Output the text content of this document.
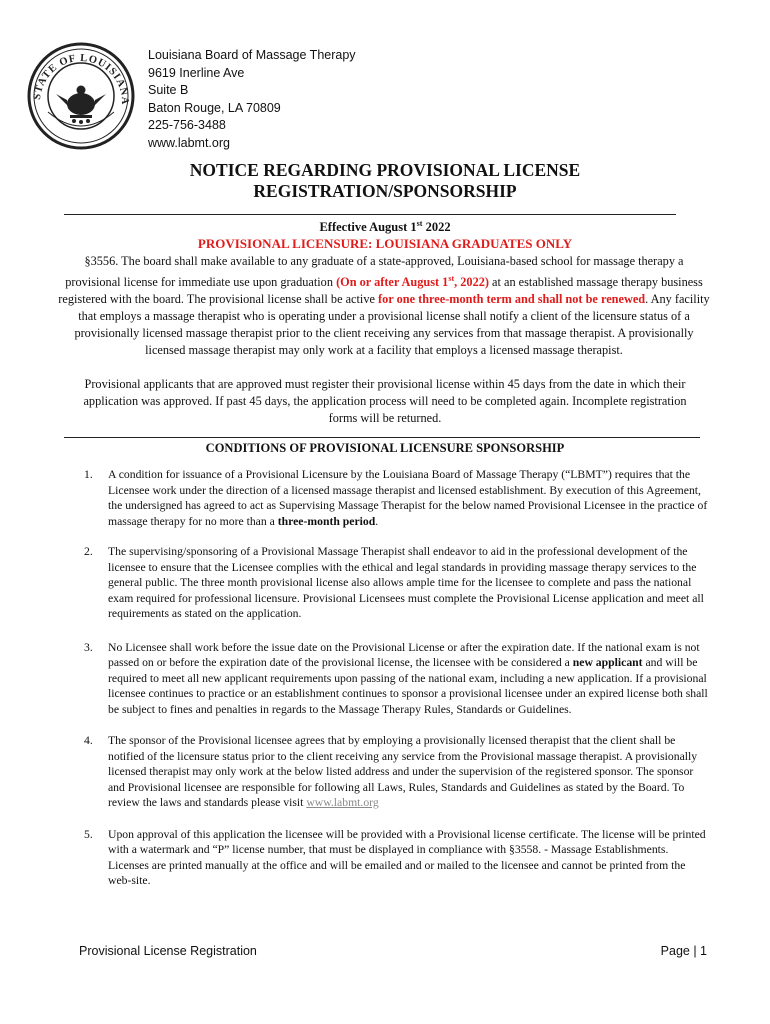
STATE OF LOUISIANA
Louisiana Board of Massage Therapy
9619 Inerline Ave
Suite B
Baton Rouge, LA 70809
225-756-3488
www.labmt.org
NOTICE REGARDING PROVISIONAL LICENSE
REGISTRATION/SPONSORSHIP
Effective August 1st 2022
PROVISIONAL LICENSURE: LOUISIANA GRADUATES ONLY
§3556. The board shall make available to any graduate of a state-approved, Louisiana-based school for massage therapy a provisional license for immediate use upon graduation (On or after August 1st, 2022) at an established massage therapy business registered with the board. The provisional license shall be active for one three-month term and shall not be renewed. Any facility that employs a massage therapist who is operating under a provisional license shall notify a client of the licensure status of a provisionally licensed massage therapist prior to the client receiving any services from that massage therapist. A provisionally licensed massage therapist may only work at a facility that employs a licensed massage therapist.
Provisional applicants that are approved must register their provisional license within 45 days from the date in which their application was approved. If past 45 days, the application process will need to be completed again. Incomplete registration forms will be returned.
CONDITIONS OF PROVISIONAL LICENSURE SPONSORSHIP
1. A condition for issuance of a Provisional Licensure by the Louisiana Board of Massage Therapy (“LBMT”) requires that the Licensee work under the direction of a licensed massage therapist and licensed establishment. By execution of this Agreement, the undersigned has agreed to act as Supervising Massage Therapist for the below named Provisional Licensee in the practice of massage therapy for no more than a three-month period.
2. The supervising/sponsoring of a Provisional Massage Therapist shall endeavor to aid in the professional development of the licensee to ensure that the Licensee complies with the ethical and legal standards in providing massage therapy services to the general public. The three month provisional license also allows ample time for the licensee to complete and pass the national exam required for professional licensure. Provisional Licensees must complete the Provisional License application and meet all requirements as stated on the application.
3. No Licensee shall work before the issue date on the Provisional License or after the expiration date. If the national exam is not passed on or before the expiration date of the provisional license, the licensee with be considered a new applicant and will be required to meet all new applicant requirements upon passing of the national exam, including a new application. If a provisional licensee continues to practice or an establishment continues to sponsor a provisional licensee under an expired license both shall be subject to fines and penalties in regards to the Massage Therapy Rules, Standards or Guidelines.
4. The sponsor of the Provisional licensee agrees that by employing a provisionally licensed therapist that the client shall be notified of the licensure status prior to the client receiving any service from the Provisional massage therapist. A provisionally licensed therapist may only work at the below listed address and under the supervision of the registered sponsor. The sponsor and Provisional licensee are responsible for following all Laws, Rules, Standards and Guidelines as stated by the Board. To review the laws and standards please visit www.labmt.org
5. Upon approval of this application the licensee will be provided with a Provisional license certificate. The license will be printed with a watermark and “P” license number, that must be displayed in compliance with §3558. - Massage Establishments. Licenses are printed manually at the office and will be emailed and or mailed to the licensee and cannot be printed from the web-site.
Provisional License Registration	Page | 1
